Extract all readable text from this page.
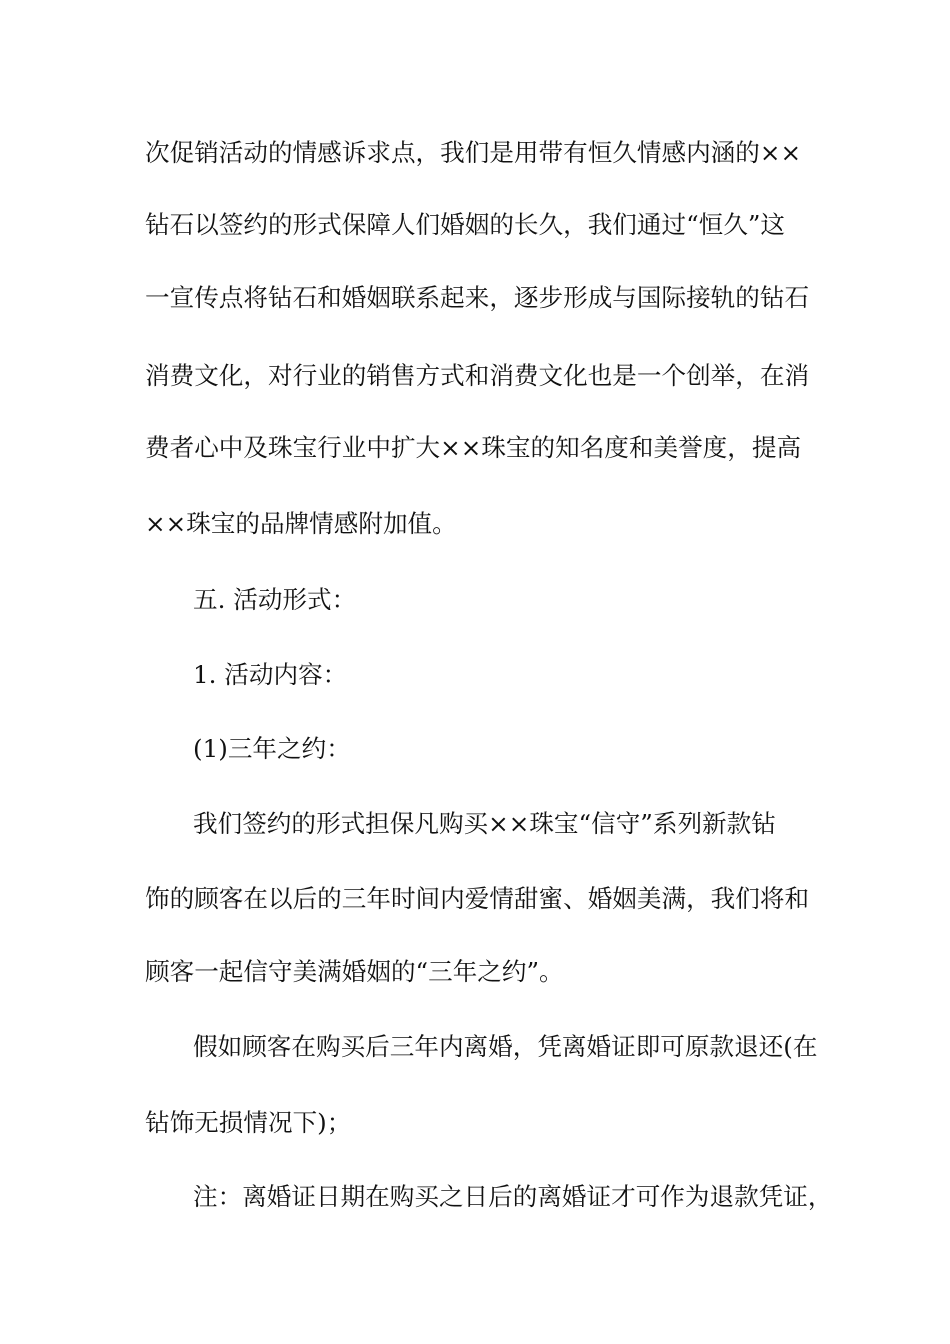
次促销活动的情感诉求点，我们是用带有恒久情感内涵的××
钻石以签约的形式保障人们婚姻的长久，我们通过“恒久”这
一宣传点将钻石和婚姻联系起来，逐步形成与国际接轨的钻石
消费文化，对行业的销售方式和消费文化也是一个创举，在消
费者心中及珠宝行业中扩大××珠宝的知名度和美誉度，提高
××珠宝的品牌情感附加值。
五. 活动形式：
1. 活动内容：
(1)三年之约：
我们签约的形式担保凡购买××珠宝“信守”系列新款钻
饰的顾客在以后的三年时间内爱情甜蜜、婚姻美满，我们将和
顾客一起信守美满婚姻的“三年之约”。
假如顾客在购买后三年内离婚，凭离婚证即可原款退还(在
钻饰无损情况下)；
注：离婚证日期在购买之日后的离婚证才可作为退款凭证，
